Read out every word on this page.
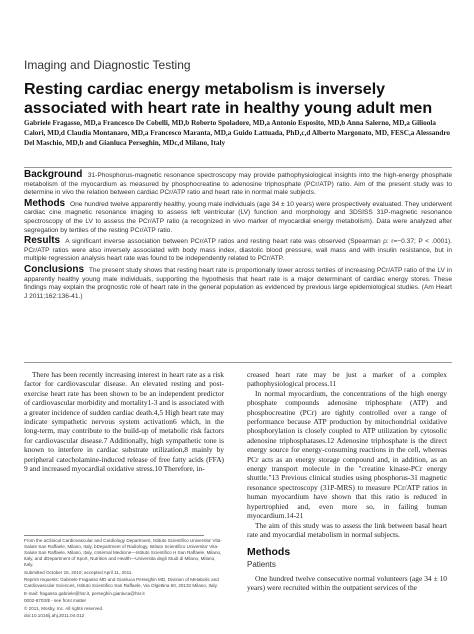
Imaging and Diagnostic Testing
Resting cardiac energy metabolism is inversely associated with heart rate in healthy young adult men
Gabriele Fragasso, MD,a Francesco De Cobelli, MD,b Roberto Spoladore, MD,a Antonio Esposito, MD,b Anna Salerno, MD,a Gilioola Calori, MD,d Claudia Montanaro, MD,a Francesco Maranta, MD,a Guido Lattuada, PhD,c,d Alberto Margonato, MD, FESC,a Alessandro Del Maschio, MD,b and Gianluca Perseghin, MDc,d Milano, Italy

Background 31-Phosphorus-magnetic resonance spectroscopy may provide pathophysiological insights into the high-energy phosphate metabolism of the myocardium as measured by phosphocreatine to adenosine triphosphate (PCr/ATP) ratio. Aim of the present study was to determine in vivo the relation between cardiac PCr/ATP ratio and heart rate in normal male subjects.

Methods One hundred twelve apparently healthy, young male individuals (age 34 ± 10 years) were prospectively evaluated. They underwent cardiac cine magnetic resonance imaging to assess left ventricular (LV) function and morphology and 3DSISS 31P-magnetic resonance spectroscopy of the LV to assess the PCr/ATP ratio (a recognized in vivo marker of myocardial energy metabolism). Data were analyzed after segregation by tertiles of the resting PCr/ATP ratio.

Results A significant inverse association between PCr/ATP ratios and resting heart rate was observed (Spearman ρ: r=−0.37; P < .0001). PCr/ATP ratios were also inversely associated with body mass index, diastolic blood pressure, wall mass and with insulin resistance, but in multiple regression analysis heart rate was found to be independently related to PCr/ATP.

Conclusions The present study shows that resting heart rate is proportionally lower across tertiles of increasing PCr/ATP ratio of the LV in apparently healthy young male individuals, supporting the hypothesis that heart rate is a major determinant of cardiac energy stores. These findings may explain the prognostic role of heart rate in the general population as evidenced by previous large epidemiological studies. (Am Heart J 2011;162:136-41.)

There has been recently increasing interest in heart rate as a risk factor for cardiovascular disease. An elevated resting and post-exercise heart rate has been shown to be an independent predictor of cardiovascular morbidity and mortality1-3 and is associated with a greater incidence of sudden cardiac death.4,5 High heart rate may indicate sympathetic nervous system activation6 which, in the long-term, may contribute to the build-up of metabolic risk factors for cardiovascular disease.7 Additionally, high sympathetic tone is known to interfere in cardiac substrate utilization,8 mainly by peripheral catecholamine-induced release of free fatty acids (FFA) 9 and increased myocardial oxidative stress.10 Therefore, in-

From the aClinical Cardiovascular and Cardiology Department, Istituto Scientifico Universita' Vita-Salute San Raffaele, Milano, Italy, bDepartment of Radiology, Istituto Scientifico Universita' Vita-Salute San Raffaele, Milano, Italy, cInternal Medicine—Istituto Scientifico H San Raffaele, Milano, Italy, and dDepartment of Sport, Nutrition and Health—Universita degli Studi di Milano, Milano, Italy.

Submitted October 15, 2010; accepted April 11, 2011.

Reprint requests: Gabriele Fragasso MD and Gianluca Perseghin MD, Division of Metabolic and Cardiovascular Sciences, Istituto Scientifico San Raffaele, Via Olgettina 60, 20132 Milano, Italy.

E-mail: fragasso.gabriele@hsr.it, perseghin.gianluca@hsr.it

0002-8703/$ - see front matter

© 2011, Mosby, Inc. All rights reserved.

doi:10.1016/j.ahj.2011.04.012

creased heart rate may be just a marker of a complex pathophysiological process.11

In normal myocardium, the concentrations of the high energy phosphate compounds adenosine triphosphate (ATP) and phosphocreatine (PCr) are tightly controlled over a range of performance because ATP production by mitochondrial oxidative phosphorylation is closely coupled to ATP utilization by cytosolic adenosine triphosphatases.12 Adenosine triphosphate is the direct energy source for energy-consuming reactions in the cell, whereas PCr acts as an energy storage compound and, in addition, as an energy transport molecule in the "creatine kinase-PCr energy shuttle."13 Previous clinical studies using phosphorus-31 magnetic resonance spectroscopy (31P-MRS) to measure PCr/ATP ratios in human myocardium have shown that this ratio is reduced in hypertrophied and, even more so, in failing human myocardium.14-21

The aim of this study was to assess the link between basal heart rate and myocardial metabolism in normal subjects.

Methods
Patients
One hundred twelve consecutive normal volunteers (age 34 ± 10 years) were recruited within the outpatient services of the
